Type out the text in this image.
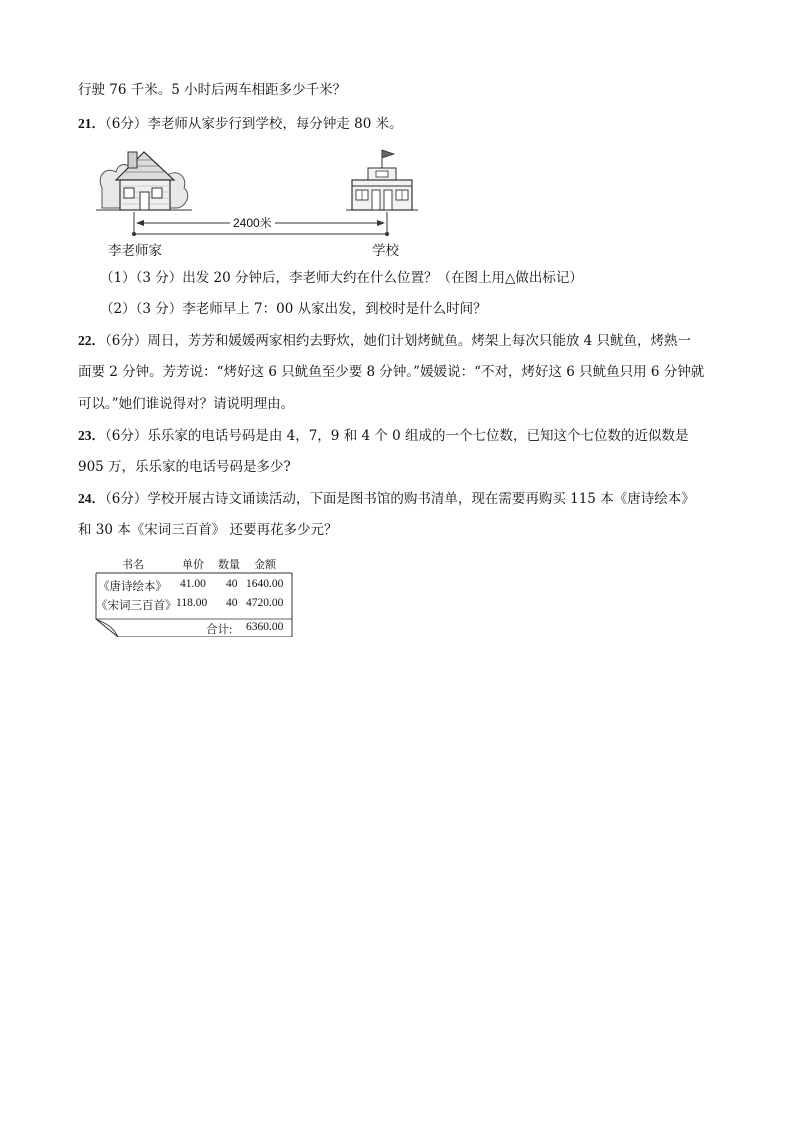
行驶 76 千米。5 小时后两车相距多少千米？
21．（6分）李老师从家步行到学校，每分钟走 80 米。
2400米
李老师家	学校
（1）（3 分）出发 20 分钟后，李老师大约在什么位置？（在图上用△做出标记）
（2）（3 分）李老师早上 7：00 从家出发，到校时是什么时间？
22．（6分）周日，芳芳和媛媛两家相约去野炊，她们计划烤鱿鱼。烤架上每次只能放 4 只鱿鱼，烤熟一
面要 2 分钟。芳芳说：“烤好这 6 只鱿鱼至少要 8 分钟。”媛媛说：“不对，烤好这 6 只鱿鱼只用 6 分钟就
可以。”她们谁说得对？请说明理由。
23．（6分）乐乐家的电话号码是由 4，7，9 和 4 个 0 组成的一个七位数，已知这个七位数的近似数是
905 万，乐乐家的电话号码是多少?
24．（6分）学校开展古诗文诵读活动，下面是图书馆的购书清单，现在需要再购买 115 本《唐诗绘本》
和 30 本《宋词三百首》 还要再花多少元？
书名	单价 数量 金额
《唐诗绘本》 41.00 40 1640.00
《宋词三百首》 118.00 40 4720.00
合计: 6360.00
